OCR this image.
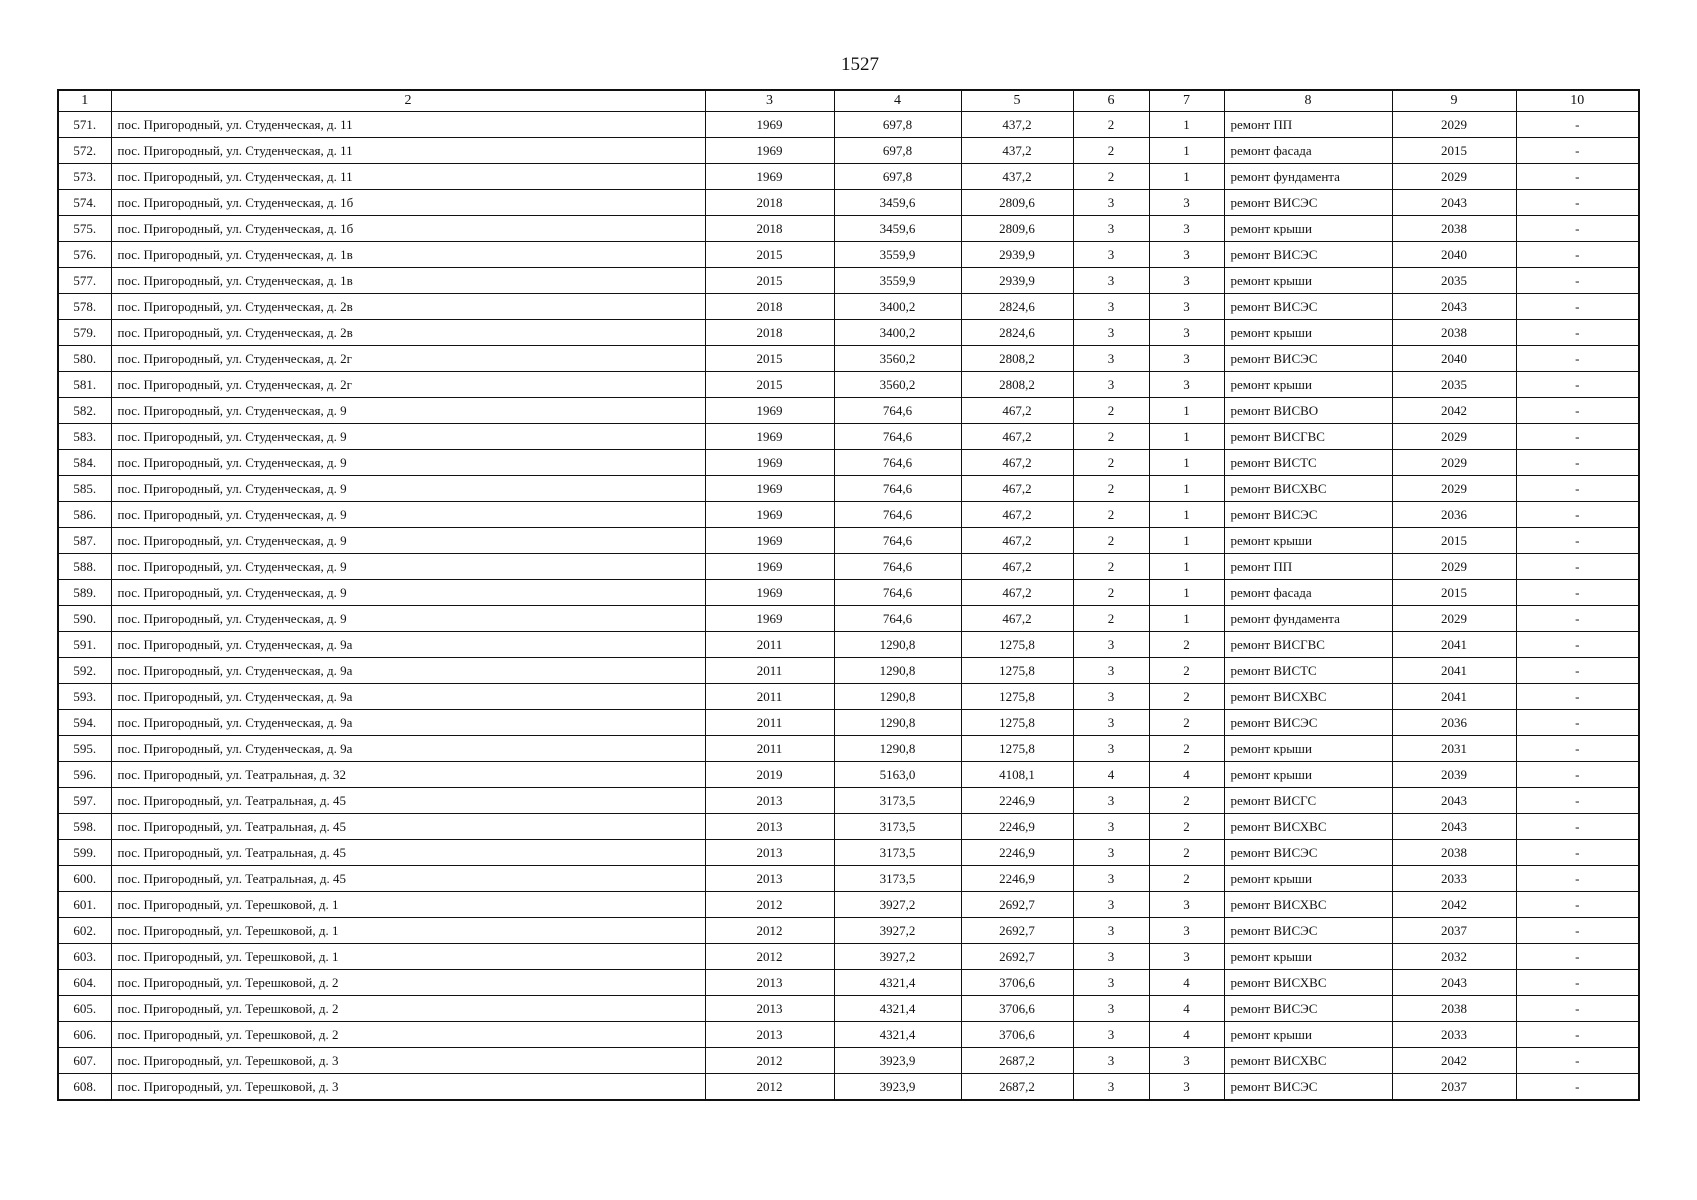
1527
1	2	3	4	5	6	7	8	9	10
571.	пос. Пригородный, ул. Студенческая, д. 11	1969	697,8	437,2	2	1	ремонт ПП	2029	-
572.	пос. Пригородный, ул. Студенческая, д. 11	1969	697,8	437,2	2	1	ремонт фасада	2015	-
573.	пос. Пригородный, ул. Студенческая, д. 11	1969	697,8	437,2	2	1	ремонт фундамента	2029	-
574.	пос. Пригородный, ул. Студенческая, д. 1б	2018	3459,6	2809,6	3	3	ремонт ВИСЭС	2043	-
575.	пос. Пригородный, ул. Студенческая, д. 1б	2018	3459,6	2809,6	3	3	ремонт крыши	2038	-
576.	пос. Пригородный, ул. Студенческая, д. 1в	2015	3559,9	2939,9	3	3	ремонт ВИСЭС	2040	-
577.	пос. Пригородный, ул. Студенческая, д. 1в	2015	3559,9	2939,9	3	3	ремонт крыши	2035	-
578.	пос. Пригородный, ул. Студенческая, д. 2в	2018	3400,2	2824,6	3	3	ремонт ВИСЭС	2043	-
579.	пос. Пригородный, ул. Студенческая, д. 2в	2018	3400,2	2824,6	3	3	ремонт крыши	2038	-
580.	пос. Пригородный, ул. Студенческая, д. 2г	2015	3560,2	2808,2	3	3	ремонт ВИСЭС	2040	-
581.	пос. Пригородный, ул. Студенческая, д. 2г	2015	3560,2	2808,2	3	3	ремонт крыши	2035	-
582.	пос. Пригородный, ул. Студенческая, д. 9	1969	764,6	467,2	2	1	ремонт ВИСВО	2042	-
583.	пос. Пригородный, ул. Студенческая, д. 9	1969	764,6	467,2	2	1	ремонт ВИСГВС	2029	-
584.	пос. Пригородный, ул. Студенческая, д. 9	1969	764,6	467,2	2	1	ремонт ВИСТС	2029	-
585.	пос. Пригородный, ул. Студенческая, д. 9	1969	764,6	467,2	2	1	ремонт ВИСХВС	2029	-
586.	пос. Пригородный, ул. Студенческая, д. 9	1969	764,6	467,2	2	1	ремонт ВИСЭС	2036	-
587.	пос. Пригородный, ул. Студенческая, д. 9	1969	764,6	467,2	2	1	ремонт крыши	2015	-
588.	пос. Пригородный, ул. Студенческая, д. 9	1969	764,6	467,2	2	1	ремонт ПП	2029	-
589.	пос. Пригородный, ул. Студенческая, д. 9	1969	764,6	467,2	2	1	ремонт фасада	2015	-
590.	пос. Пригородный, ул. Студенческая, д. 9	1969	764,6	467,2	2	1	ремонт фундамента	2029	-
591.	пос. Пригородный, ул. Студенческая, д. 9а	2011	1290,8	1275,8	3	2	ремонт ВИСГВС	2041	-
592.	пос. Пригородный, ул. Студенческая, д. 9а	2011	1290,8	1275,8	3	2	ремонт ВИСТС	2041	-
593.	пос. Пригородный, ул. Студенческая, д. 9а	2011	1290,8	1275,8	3	2	ремонт ВИСХВС	2041	-
594.	пос. Пригородный, ул. Студенческая, д. 9а	2011	1290,8	1275,8	3	2	ремонт ВИСЭС	2036	-
595.	пос. Пригородный, ул. Студенческая, д. 9а	2011	1290,8	1275,8	3	2	ремонт крыши	2031	-
596.	пос. Пригородный, ул. Театральная, д. 32	2019	5163,0	4108,1	4	4	ремонт крыши	2039	-
597.	пос. Пригородный, ул. Театральная, д. 45	2013	3173,5	2246,9	3	2	ремонт ВИСГС	2043	-
598.	пос. Пригородный, ул. Театральная, д. 45	2013	3173,5	2246,9	3	2	ремонт ВИСХВС	2043	-
599.	пос. Пригородный, ул. Театральная, д. 45	2013	3173,5	2246,9	3	2	ремонт ВИСЭС	2038	-
600.	пос. Пригородный, ул. Театральная, д. 45	2013	3173,5	2246,9	3	2	ремонт крыши	2033	-
601.	пос. Пригородный, ул. Терешковой, д. 1	2012	3927,2	2692,7	3	3	ремонт ВИСХВС	2042	-
602.	пос. Пригородный, ул. Терешковой, д. 1	2012	3927,2	2692,7	3	3	ремонт ВИСЭС	2037	-
603.	пос. Пригородный, ул. Терешковой, д. 1	2012	3927,2	2692,7	3	3	ремонт крыши	2032	-
604.	пос. Пригородный, ул. Терешковой, д. 2	2013	4321,4	3706,6	3	4	ремонт ВИСХВС	2043	-
605.	пос. Пригородный, ул. Терешковой, д. 2	2013	4321,4	3706,6	3	4	ремонт ВИСЭС	2038	-
606.	пос. Пригородный, ул. Терешковой, д. 2	2013	4321,4	3706,6	3	4	ремонт крыши	2033	-
607.	пос. Пригородный, ул. Терешковой, д. 3	2012	3923,9	2687,2	3	3	ремонт ВИСХВС	2042	-
608.	пос. Пригородный, ул. Терешковой, д. 3	2012	3923,9	2687,2	3	3	ремонт ВИСЭС	2037	-
